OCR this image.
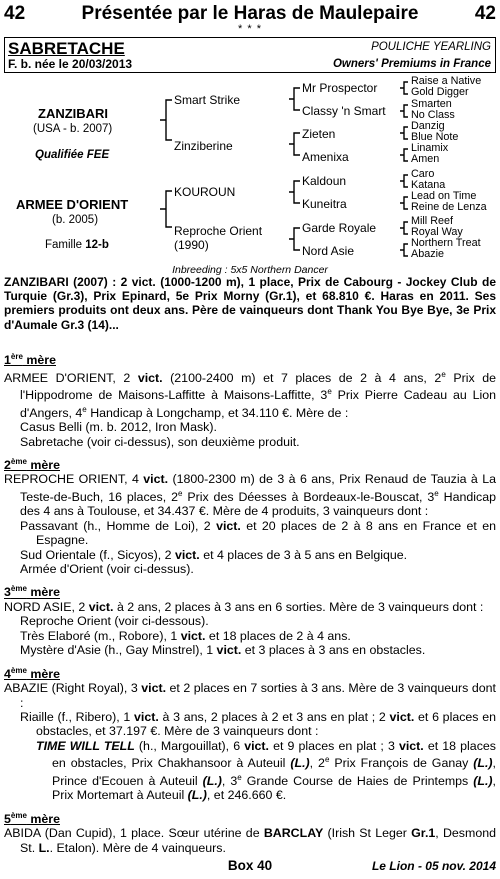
42	Présentée par le Haras de Maulepaire	42
* * *
SABRETACHE	POULICHE YEARLING
F. b. née le 20/03/2013	Owners' Premiums in France
ZANZIBARI
(USA - b. 2007)
Qualifiée FEE
ARMEE D'ORIENT
(b. 2005)
Famille 12-b
Smart Strike
Zinziberine
KOUROUN
Reproche Orient
(1990)
Mr Prospector
Classy 'n Smart
Zieten
Amenixa
Kaldoun
Kuneitra
Garde Royale
Nord Asie
Raise a Native
Gold Digger
Smarten
No Class
Danzig
Blue Note
Linamix
Amen
Caro
Katana
Lead on Time
Reine de Lenza
Mill Reef
Royal Way
Northern Treat
Abazie
Inbreeding : 5x5 Northern Dancer
ZANZIBARI (2007) : 2 vict. (1000-1200 m), 1 place, Prix de Cabourg - Jockey Club de Turquie (Gr.3), Prix Epinard, 5e Prix Morny (Gr.1), et 68.810 €. Haras en 2011. Ses premiers produits ont deux ans. Père de vainqueurs dont Thank You Bye Bye, 3e Prix d'Aumale Gr.3 (14)...
1ère mère
ARMEE D'ORIENT, 2 vict. (2100-2400 m) et 7 places de 2 à 4 ans, 2e Prix de l'Hippodrome de Maisons-Laffitte à Maisons-Laffitte, 3e Prix Pierre Cadeau au Lion d'Angers, 4e Handicap à Longchamp, et 34.110 €. Mère de :
Casus Belli (m. b. 2012, Iron Mask).
Sabretache (voir ci-dessus), son deuxième produit.
2ème mère
REPROCHE ORIENT, 4 vict. (1800-2300 m) de 3 à 6 ans, Prix Renaud de Tauzia à La Teste-de-Buch, 16 places, 2e Prix des Déesses à Bordeaux-le-Bouscat, 3e Handicap des 4 ans à Toulouse, et 34.437 €. Mère de 4 produits, 3 vainqueurs dont :
Passavant (h., Homme de Loi), 2 vict. et 20 places de 2 à 8 ans en France et en Espagne.
Sud Orientale (f., Sicyos), 2 vict. et 4 places de 3 à 5 ans en Belgique.
Armée d'Orient (voir ci-dessus).
3ème mère
NORD ASIE, 2 vict. à 2 ans, 2 places à 3 ans en 6 sorties. Mère de 3 vainqueurs dont :
Reproche Orient (voir ci-dessous).
Très Elaboré (m., Robore), 1 vict. et 18 places de 2 à 4 ans.
Mystère d'Asie (h., Gay Minstrel), 1 vict. et 3 places à 3 ans en obstacles.
4ème mère
ABAZIE (Right Royal), 3 vict. et 2 places en 7 sorties à 3 ans. Mère de 3 vainqueurs dont :
Riaille (f., Ribero), 1 vict. à 3 ans, 2 places à 2 et 3 ans en plat ; 2 vict. et 6 places en obstacles, et 37.197 €. Mère de 3 vainqueurs dont :
TIME WILL TELL (h., Margouillat), 6 vict. et 9 places en plat ; 3 vict. et 18 places en obstacles, Prix Chakhansoor à Auteuil (L.), 2e Prix François de Ganay (L.), Prince d'Ecouen à Auteuil (L.), 3e Grande Course de Haies de Printemps (L.), Prix Mortemart à Auteuil (L.), et 246.660 €.
5ème mère
ABIDA (Dan Cupid), 1 place. Sœur utérine de BARCLAY (Irish St Leger Gr.1, Desmond St. L.. Etalon). Mère de 4 vainqueurs.
Box 40	Le Lion - 05 nov. 2014
